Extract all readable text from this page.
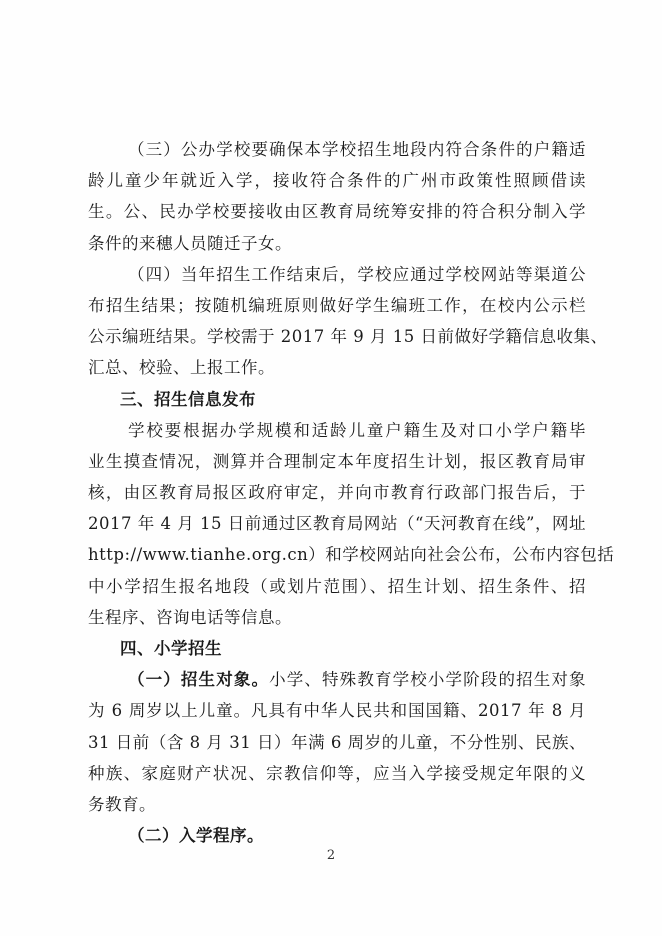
（三）公办学校要确保本学校招生地段内符合条件的户籍适
龄儿童少年就近入学，接收符合条件的广州市政策性照顾借读
生。公、民办学校要接收由区教育局统筹安排的符合积分制入学
条件的来穗人员随迁子女。
（四）当年招生工作结束后，学校应通过学校网站等渠道公
布招生结果；按随机编班原则做好学生编班工作，在校内公示栏
公示编班结果。学校需于 2017 年 9 月 15 日前做好学籍信息收集、
汇总、校验、上报工作。
三、招生信息发布
学校要根据办学规模和适龄儿童户籍生及对口小学户籍毕
业生摸查情况，测算并合理制定本年度招生计划，报区教育局审
核，由区教育局报区政府审定，并向市教育行政部门报告后，于
2017 年 4 月 15 日前通过区教育局网站（“天河教育在线”，网址
http://www.tianhe.org.cn）和学校网站向社会公布，公布内容包括
中小学招生报名地段（或划片范围）、招生计划、招生条件、招
生程序、咨询电话等信息。
四、小学招生
（一）招生对象。小学、特殊教育学校小学阶段的招生对象
为 6 周岁以上儿童。凡具有中华人民共和国国籍、2017 年 8 月
31 日前（含 8 月 31 日）年满 6 周岁的儿童，不分性别、民族、
种族、家庭财产状况、宗教信仰等，应当入学接受规定年限的义
务教育。
（二）入学程序。
2
